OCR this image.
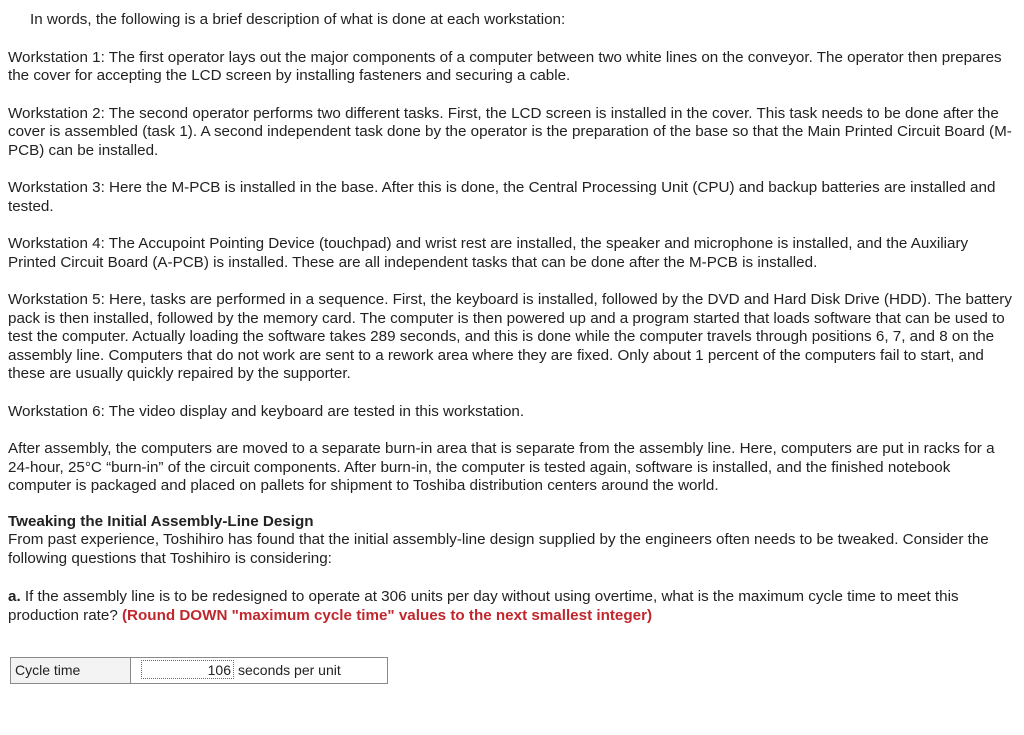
In words, the following is a brief description of what is done at each workstation:

Workstation 1: The first operator lays out the major components of a computer between two white lines on the conveyor. The operator then prepares the cover for accepting the LCD screen by installing fasteners and securing a cable.

Workstation 2: The second operator performs two different tasks. First, the LCD screen is installed in the cover. This task needs to be done after the cover is assembled (task 1). A second independent task done by the operator is the preparation of the base so that the Main Printed Circuit Board (M-PCB) can be installed.

Workstation 3: Here the M-PCB is installed in the base. After this is done, the Central Processing Unit (CPU) and backup batteries are installed and tested.

Workstation 4: The Accupoint Pointing Device (touchpad) and wrist rest are installed, the speaker and microphone is installed, and the Auxiliary Printed Circuit Board (A-PCB) is installed. These are all independent tasks that can be done after the M-PCB is installed.

Workstation 5: Here, tasks are performed in a sequence. First, the keyboard is installed, followed by the DVD and Hard Disk Drive (HDD). The battery pack is then installed, followed by the memory card. The computer is then powered up and a program started that loads software that can be used to test the computer. Actually loading the software takes 289 seconds, and this is done while the computer travels through positions 6, 7, and 8 on the assembly line. Computers that do not work are sent to a rework area where they are fixed. Only about 1 percent of the computers fail to start, and these are usually quickly repaired by the supporter.

Workstation 6: The video display and keyboard are tested in this workstation.

After assembly, the computers are moved to a separate burn-in area that is separate from the assembly line. Here, computers are put in racks for a 24-hour, 25°C “burn-in” of the circuit components. After burn-in, the computer is tested again, software is installed, and the finished notebook computer is packaged and placed on pallets for shipment to Toshiba distribution centers around the world.

Tweaking the Initial Assembly-Line Design

From past experience, Toshihiro has found that the initial assembly-line design supplied by the engineers often needs to be tweaked. Consider the following questions that Toshihiro is considering:

a. If the assembly line is to be redesigned to operate at 306 units per day without using overtime, what is the maximum cycle time to meet this production rate? (Round DOWN "maximum cycle time" values to the next smallest integer)

Cycle time	106 seconds per unit
